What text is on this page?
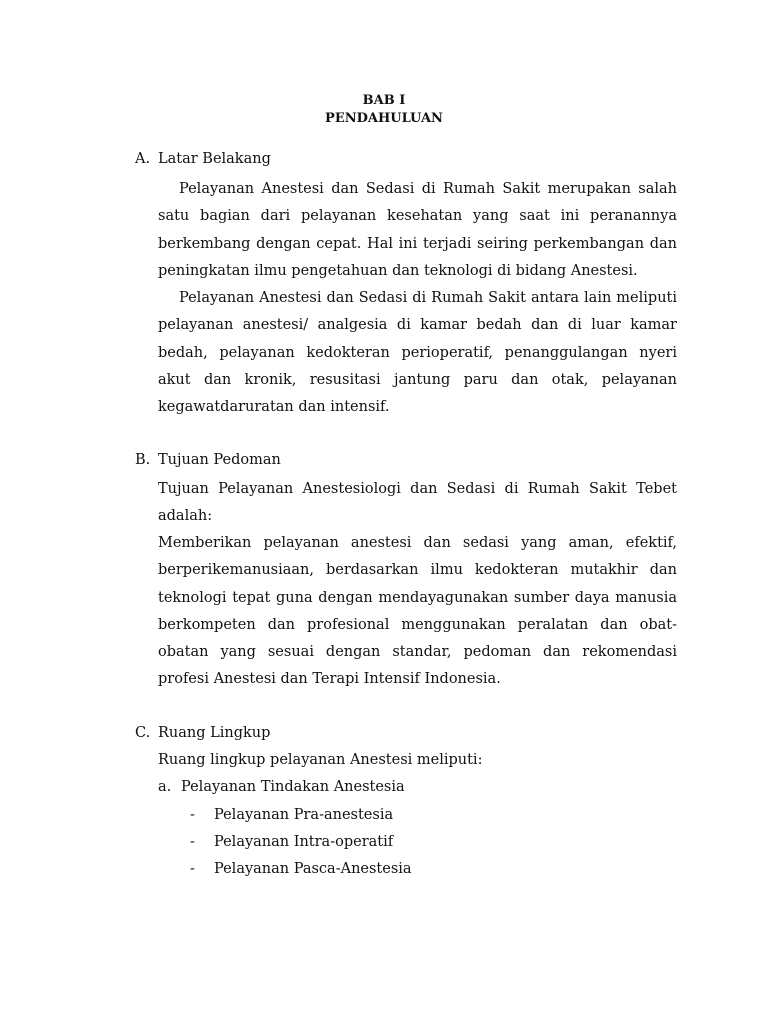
BAB I
PENDAHULUAN
A. Latar Belakang

Pelayanan Anestesi dan Sedasi di Rumah Sakit merupakan salah satu bagian dari pelayanan kesehatan yang saat ini peranannya berkembang dengan cepat. Hal ini terjadi seiring perkembangan dan peningkatan ilmu pengetahuan dan teknologi di bidang Anestesi.

Pelayanan Anestesi dan Sedasi di Rumah Sakit antara lain meliputi pelayanan anestesi/ analgesia di kamar bedah dan di luar kamar bedah, pelayanan kedokteran perioperatif, penanggulangan nyeri akut dan kronik, resusitasi jantung paru dan otak, pelayanan kegawatdaruratan dan intensif.

B. Tujuan Pedoman

Tujuan Pelayanan Anestesiologi dan Sedasi di Rumah Sakit Tebet adalah:

Memberikan pelayanan anestesi dan sedasi yang aman, efektif, berperikemanusiaan, berdasarkan ilmu kedokteran mutakhir dan teknologi tepat guna dengan mendayagunakan sumber daya manusia berkompeten dan profesional menggunakan peralatan dan obat-obatan yang sesuai dengan standar, pedoman dan rekomendasi profesi Anestesi dan Terapi Intensif Indonesia.

C. Ruang Lingkup
Ruang lingkup pelayanan Anestesi meliputi:
a. Pelayanan Tindakan Anestesia
- Pelayanan Pra-anestesia
- Pelayanan Intra-operatif
- Pelayanan Pasca-Anestesia
